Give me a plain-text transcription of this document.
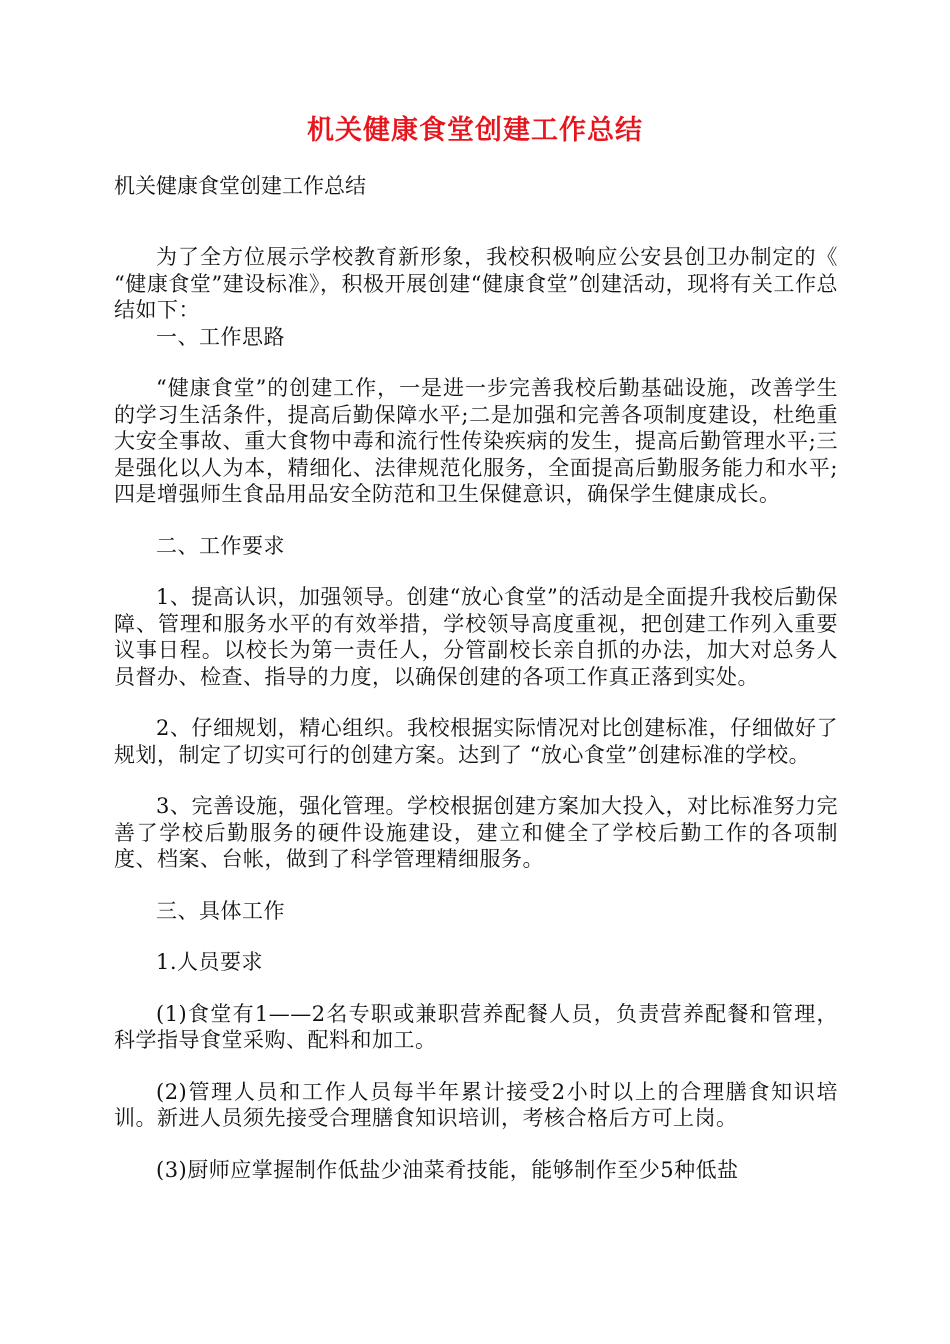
机关健康食堂创建工作总结
机关健康食堂创建工作总结

为了全方位展示学校教育新形象，我校积极响应公安县创卫办制定的《 “健康食堂”建设标准》，积极开展创建“健康食堂”创建活动，现将有关工作总结如下：

一、工作思路

“健康食堂”的创建工作，一是进一步完善我校后勤基础设施，改善学生的学习生活条件，提高后勤保障水平;二是加强和完善各项制度建设，杜绝重大安全事故、重大食物中毒和流行性传染疾病的发生，提高后勤管理水平;三是强化以人为本，精细化、法律规范化服务，全面提高后勤服务能力和水平;四是增强师生食品用品安全防范和卫生保健意识，确保学生健康成长。

二、工作要求

1、提高认识，加强领导。创建“放心食堂”的活动是全面提升我校后勤保障、管理和服务水平的有效举措，学校领导高度重视，把创建工作列入重要议事日程。以校长为第一责任人，分管副校长亲自抓的办法，加大对总务人员督办、检查、指导的力度，以确保创建的各项工作真正落到实处。

2、仔细规划，精心组织。我校根据实际情况对比创建标准，仔细做好了规划，制定了切实可行的创建方案。达到了 “放心食堂”创建标准的学校。

3、完善设施，强化管理。学校根据创建方案加大投入，对比标准努力完善了学校后勤服务的硬件设施建设，建立和健全了学校后勤工作的各项制度、档案、台帐，做到了科学管理精细服务。

三、具体工作

1.人员要求

(1)食堂有1——2名专职或兼职营养配餐人员，负责营养配餐和管理，科学指导食堂采购、配料和加工。

(2)管理人员和工作人员每半年累计接受2小时以上的合理膳食知识培训。新进人员须先接受合理膳食知识培训，考核合格后方可上岗。

(3)厨师应掌握制作低盐少油菜肴技能，能够制作至少5种低盐
